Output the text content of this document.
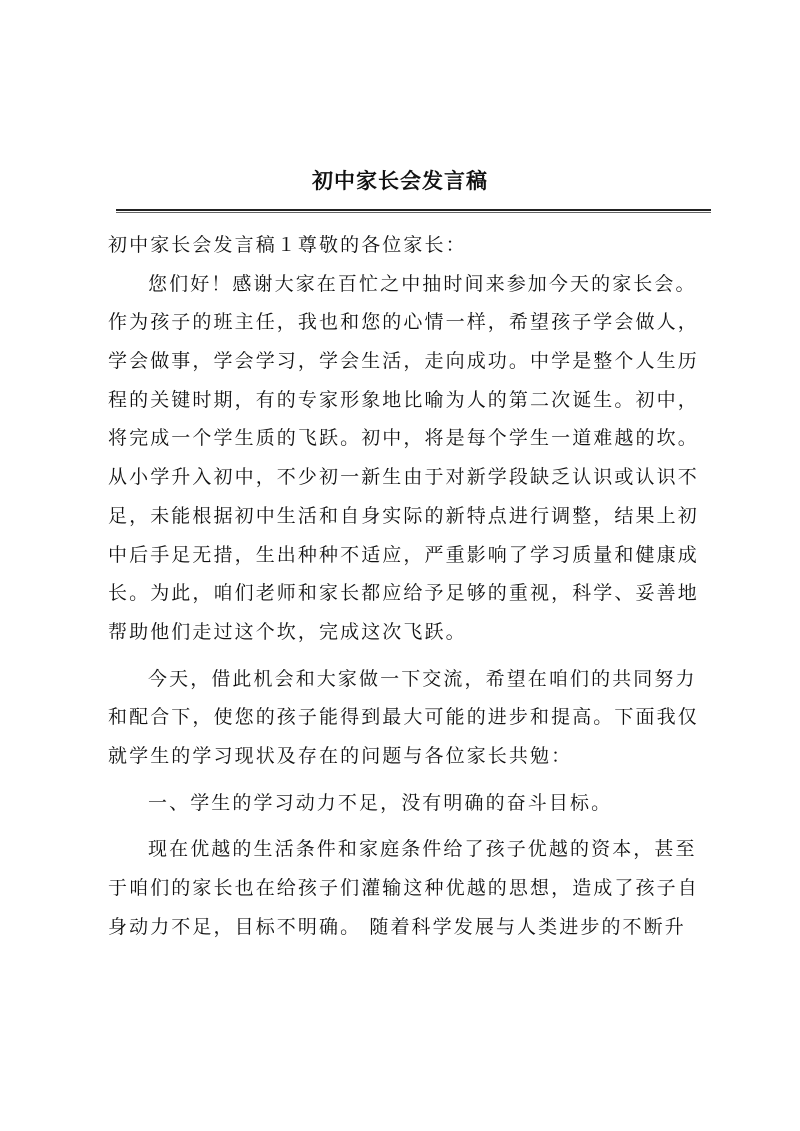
初中家长会发言稿
初中家长会发言稿１尊敬的各位家长：
您们好！感谢大家在百忙之中抽时间来参加今天的家长会。
作为孩子的班主任，我也和您的心情一样，希望孩子学会做人，
学会做事，学会学习，学会生活，走向成功。中学是整个人生历
程的关键时期，有的专家形象地比喻为人的第二次诞生。初中，
将完成一个学生质的飞跃。初中，将是每个学生一道难越的坎。
从小学升入初中，不少初一新生由于对新学段缺乏认识或认识不
足，未能根据初中生活和自身实际的新特点进行调整，结果上初
中后手足无措，生出种种不适应，严重影响了学习质量和健康成
长。为此，咱们老师和家长都应给予足够的重视，科学、妥善地
帮助他们走过这个坎，完成这次飞跃。
今天，借此机会和大家做一下交流，希望在咱们的共同努力
和配合下，使您的孩子能得到最大可能的进步和提高。下面我仅
就学生的学习现状及存在的问题与各位家长共勉：
一、学生的学习动力不足，没有明确的奋斗目标。
现在优越的生活条件和家庭条件给了孩子优越的资本，甚至
于咱们的家长也在给孩子们灌输这种优越的思想，造成了孩子自
身动力不足，目标不明确。 随着科学发展与人类进步的不断升
